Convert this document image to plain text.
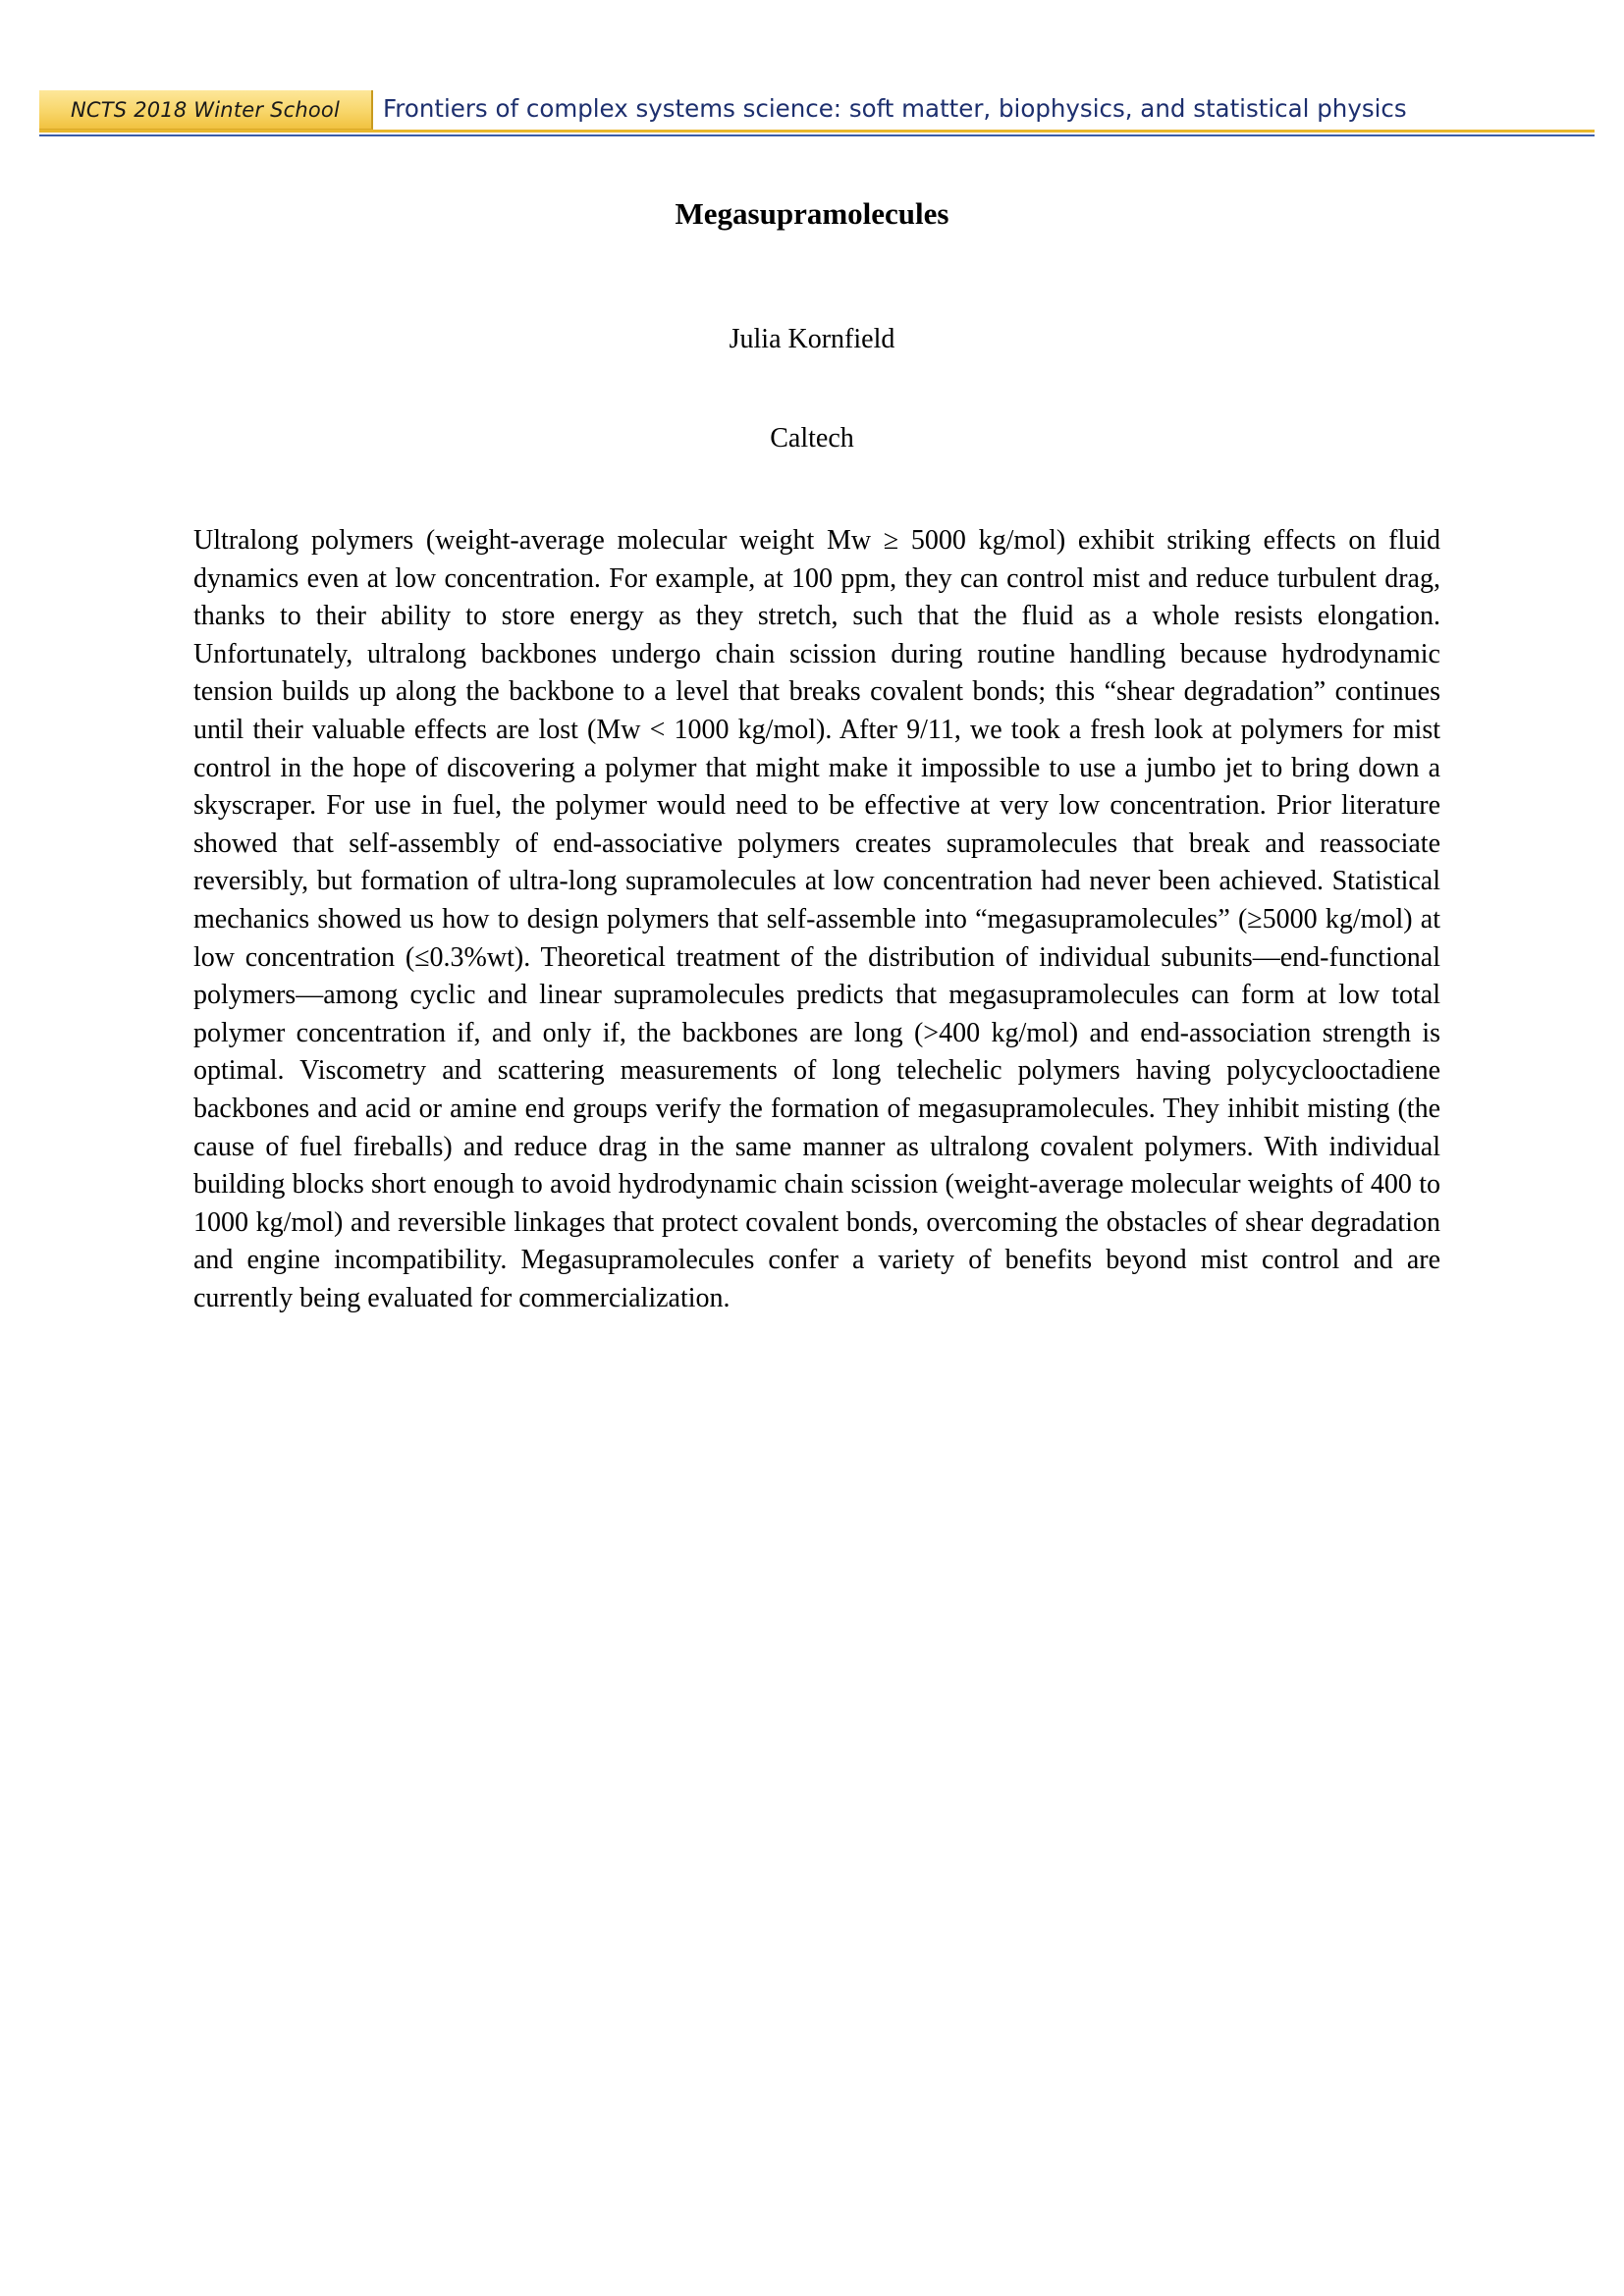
NCTS 2018 Winter School Frontiers of complex systems science: soft matter, biophysics, and statistical physics
Megasupramolecules
Julia Kornfield
Caltech

Ultralong polymers (weight-average molecular weight Mw ≥ 5000 kg/mol) exhibit striking effects on fluid dynamics even at low concentration. For example, at 100 ppm, they can control mist and reduce turbulent drag, thanks to their ability to store energy as they stretch, such that the fluid as a whole resists elongation. Unfortunately, ultralong backbones undergo chain scission during routine handling because hydrodynamic tension builds up along the backbone to a level that breaks covalent bonds; this “shear degradation” continues until their valuable effects are lost (Mw < 1000 kg/mol). After 9/11, we took a fresh look at polymers for mist control in the hope of discovering a polymer that might make it impossible to use a jumbo jet to bring down a skyscraper. For use in fuel, the polymer would need to be effective at very low concentration. Prior literature showed that self-assembly of end-associative polymers creates supramolecules that break and reassociate reversibly, but formation of ultra-long supramolecules at low concentration had never been achieved. Statistical mechanics showed us how to design polymers that self-assemble into “megasupramolecules” (≥5000 kg/mol) at low concentration (≤0.3%wt). Theoretical treatment of the distribution of individual subunits—end-functional polymers—among cyclic and linear supramolecules predicts that megasupramolecules can form at low total polymer concentration if, and only if, the backbones are long (>400 kg/mol) and end-association strength is optimal. Viscometry and scattering measurements of long telechelic polymers having polycyclooctadiene backbones and acid or amine end groups verify the formation of megasupramolecules. They inhibit misting (the cause of fuel fireballs) and reduce drag in the same manner as ultralong covalent polymers. With individual building blocks short enough to avoid hydrodynamic chain scission (weight-average molecular weights of 400 to 1000 kg/mol) and reversible linkages that protect covalent bonds, overcoming the obstacles of shear degradation and engine incompatibility. Megasupramolecules confer a variety of benefits beyond mist control and are currently being evaluated for commercialization.
